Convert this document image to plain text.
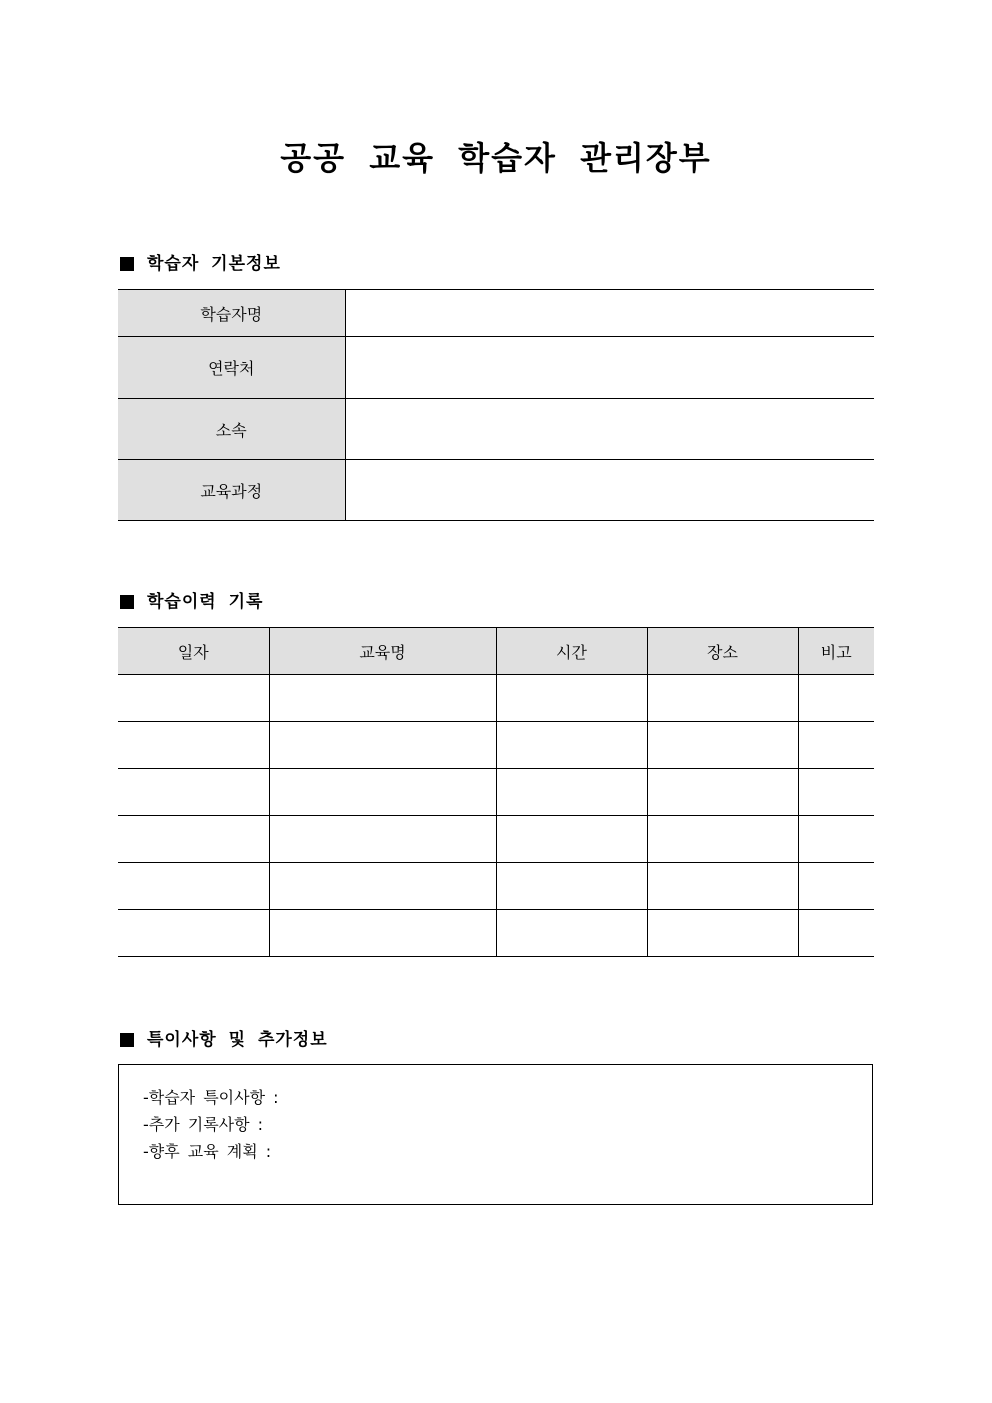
공공 교육 학습자 관리장부
학습자 기본정보
학습자명	
연락처	
소속	
교육과정	
학습이력 기록
일자	교육명	시간	장소	비고

특이사항 및 추가정보
-학습자 특이사항 :
-추가 기록사항 :
-향후 교육 계획 :
